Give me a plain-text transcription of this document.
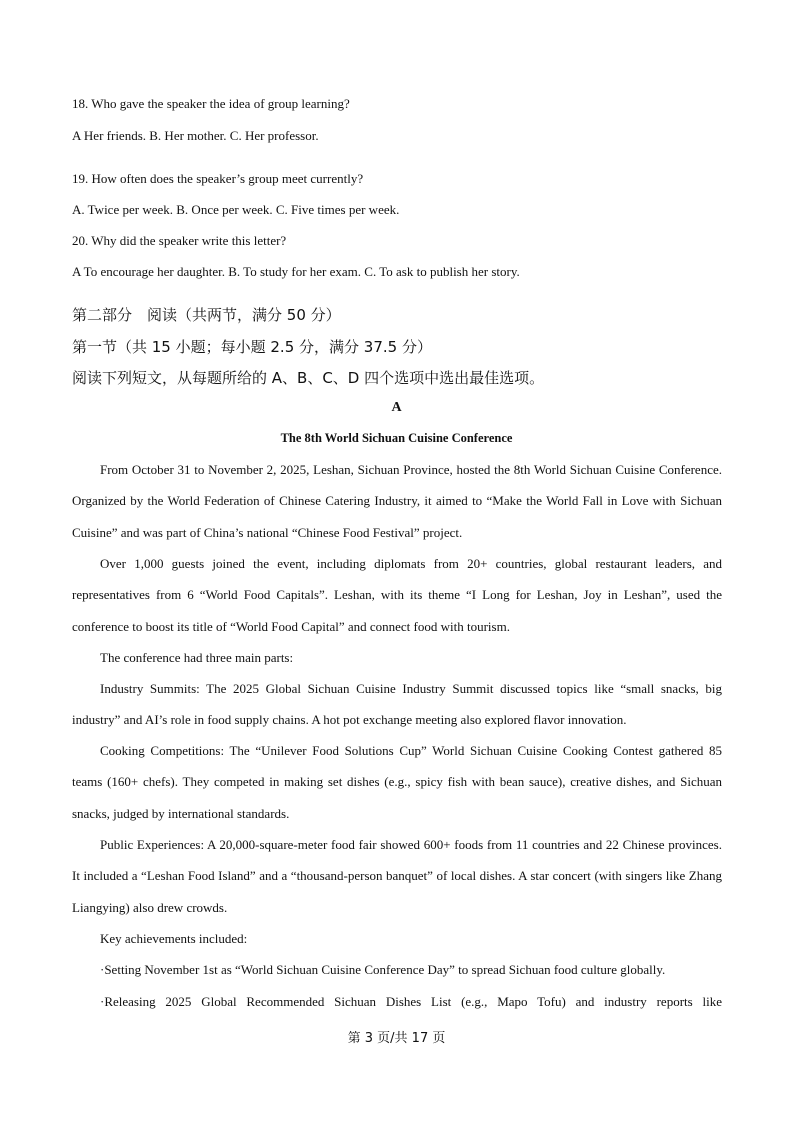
18. Who gave the speaker the idea of group learning?
A Her friends. B. Her mother. C. Her professor.
19. How often does the speaker’s group meet currently?
A. Twice per week. B. Once per week. C. Five times per week.
20. Why did the speaker write this letter?
A To encourage her daughter. B. To study for her exam. C. To ask to publish her story.
第二部分　阅读（共两节，满分 50 分）
第一节（共 15 小题；每小题 2.5 分，满分 37.5 分）
阅读下列短文，从每题所给的 A、B、C、D 四个选项中选出最佳选项。
A
The 8th World Sichuan Cuisine Conference
From October 31 to November 2, 2025, Leshan, Sichuan Province, hosted the 8th World Sichuan Cuisine Conference. Organized by the World Federation of Chinese Catering Industry, it aimed to “Make the World Fall in Love with Sichuan Cuisine” and was part of China’s national “Chinese Food Festival” project.
Over 1,000 guests joined the event, including diplomats from 20+ countries, global restaurant leaders, and representatives from 6 “World Food Capitals”. Leshan, with its theme “I Long for Leshan, Joy in Leshan”, used the conference to boost its title of “World Food Capital” and connect food with tourism.
The conference had three main parts:
Industry Summits: The 2025 Global Sichuan Cuisine Industry Summit discussed topics like “small snacks, big industry” and AI’s role in food supply chains. A hot pot exchange meeting also explored flavor innovation.
Cooking Competitions: The “Unilever Food Solutions Cup” World Sichuan Cuisine Cooking Contest gathered 85 teams (160+ chefs). They competed in making set dishes (e.g., spicy fish with bean sauce), creative dishes, and Sichuan snacks, judged by international standards.
Public Experiences: A 20,000-square-meter food fair showed 600+ foods from 11 countries and 22 Chinese provinces. It included a “Leshan Food Island” and a “thousand-person banquet” of local dishes. A star concert (with singers like Zhang Liangying) also drew crowds.
Key achievements included:
·Setting November 1st as “World Sichuan Cuisine Conference Day” to spread Sichuan food culture globally.
·Releasing 2025 Global Recommended Sichuan Dishes List (e.g., Mapo Tofu) and industry reports like
第 3 页/共 17 页
